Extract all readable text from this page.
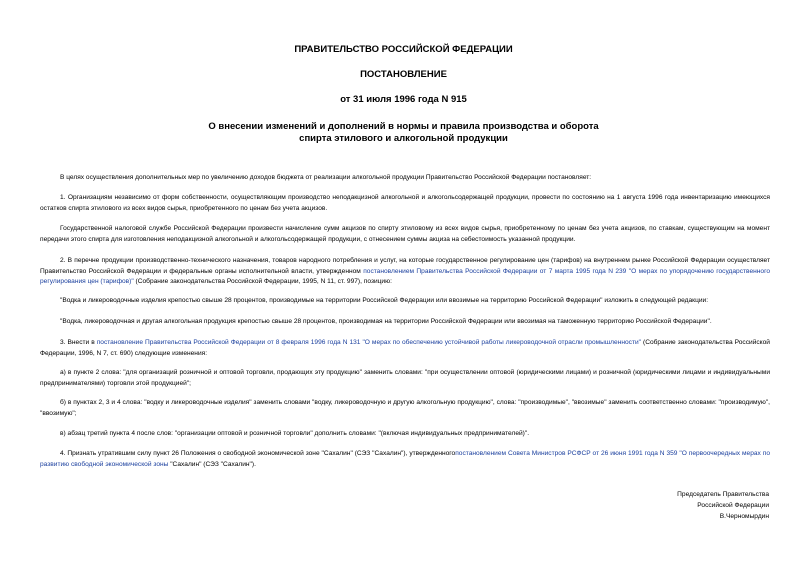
ПРАВИТЕЛЬСТВО РОССИЙСКОЙ ФЕДЕРАЦИИ

ПОСТАНОВЛЕНИЕ

от 31 июля 1996 года N 915

О внесении изменений и дополнений в нормы и правила производства и оборота спирта этилового и алкогольной продукции

В целях осуществления дополнительных мер по увеличению доходов бюджета от реализации алкогольной продукции Правительство Российской Федерации постановляет:

1. Организациям независимо от форм собственности, осуществляющим производство неподакцизной алкогольной и алкогольсодержащей продукции, провести по состоянию на 1 августа 1996 года инвентаризацию имеющихся остатков спирта этилового из всех видов сырья, приобретенного по ценам без учета акцизов.

Государственной налоговой службе Российской Федерации произвести начисление сумм акцизов по спирту этиловому из всех видов сырья, приобретенному по ценам без учета акцизов, по ставкам, существующим на момент передачи этого спирта для изготовления неподакцизной алкогольной и алкогольсодержащей продукции, с отнесением суммы акциза на себестоимость указанной продукции.

2. В перечне продукции производственно-технического назначения, товаров народного потребления и услуг, на которые государственное регулирование цен (тарифов) на внутреннем рынке Российской Федерации осуществляет Правительство Российской Федерации и федеральные органы исполнительной власти, утвержденном постановлением Правительства Российской Федерации от 7 марта 1995 года N 239 "О мерах по упорядочению государственного регулирования цен (тарифов)" (Собрание законодательства Российской Федерации, 1995, N 11, ст. 997), позицию:

"Водка и ликероводочные изделия крепостью свыше 28 процентов, производимые на территории Российской Федерации или ввозимые на территорию Российской Федерации" изложить в следующей редакции:

"Водка, ликероводочная и другая алкогольная продукция крепостью свыше 28 процентов, производимая на территории Российской Федерации или ввозимая на таможенную территорию Российской Федерации".

3. Внести в постановление Правительства Российской Федерации от 8 февраля 1996 года N 131 "О мерах по обеспечению устойчивой работы ликероводочной отрасли промышленности" (Собрание законодательства Российской Федерации, 1996, N 7, ст. 690) следующие изменения:

а) в пункте 2 слова: "для организаций розничной и оптовой торговли, продающих эту продукцию" заменить словами: "при осуществлении оптовой (юридическими лицами) и розничной (юридическими лицами и индивидуальными предпринимателями) торговли этой продукцией";

б) в пунктах 2, 3 и 4 слова: "водку и ликероводочные изделия" заменить словами "водку, ликероводочную и другую алкогольную продукцию", слова: "производимые", "ввозимые" заменить соответственно словами: "производимую", "ввозимую";

в) абзац третий пункта 4 после слов: "организации оптовой и розничной торговли" дополнить словами: "(включая индивидуальных предпринимателей)".

4. Признать утратившим силу пункт 26 Положения о свободной экономической зоне "Сахалин" (СЭЗ "Сахалин"), утвержденногопостановлением Совета Министров РСФСР от 26 июня 1991 года N 359 "О первоочередных мерах по развитию свободной экономической зоны "Сахалин" (СЭЗ "Сахалин").

Председатель Правительства

Российской Федерации

В.Черномырдин
